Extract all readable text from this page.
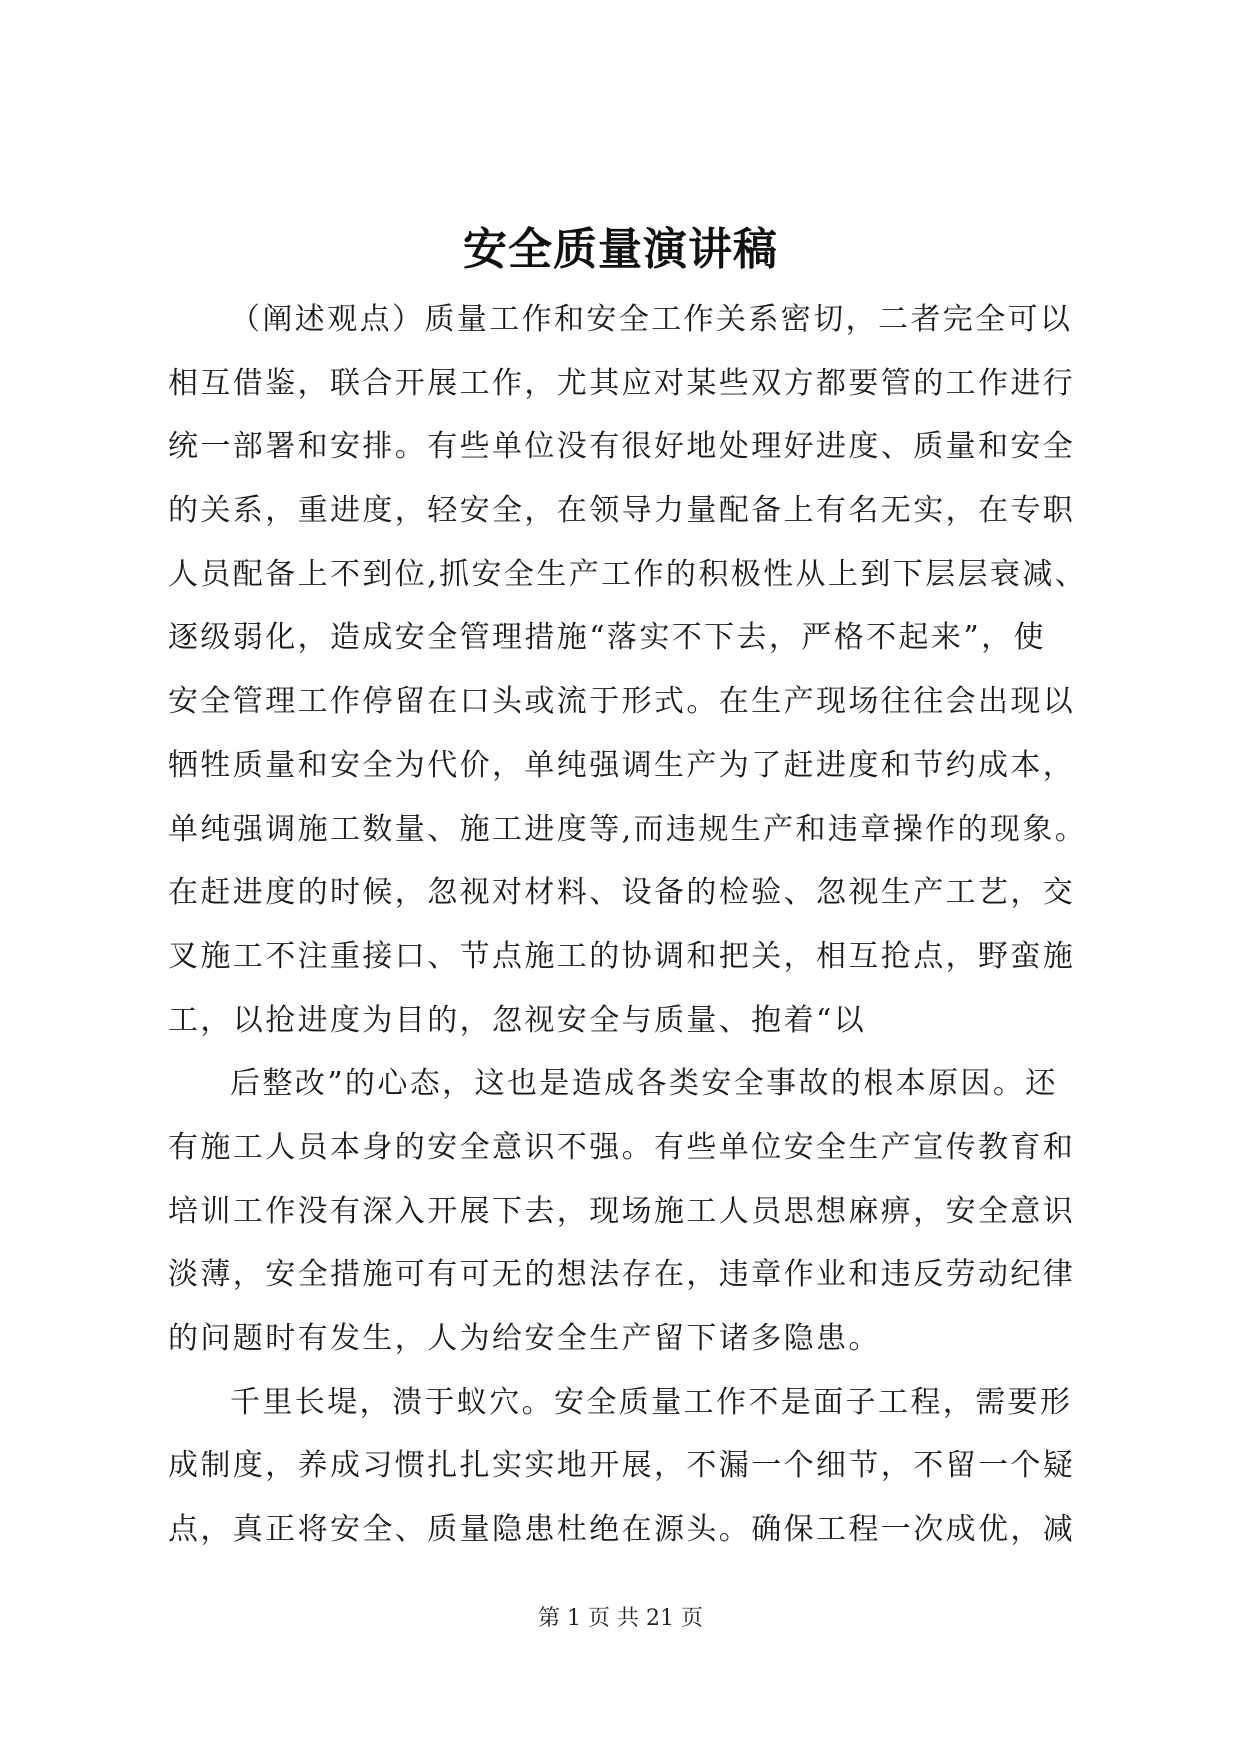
安全质量演讲稿
（阐述观点）质量工作和安全工作关系密切，二者完全可以
相互借鉴，联合开展工作，尤其应对某些双方都要管的工作进行
统一部署和安排。有些单位没有很好地处理好进度、质量和安全
的关系，重进度，轻安全，在领导力量配备上有名无实，在专职
人员配备上不到位,抓安全生产工作的积极性从上到下层层衰减、
逐级弱化，造成安全管理措施“落实不下去，严格不起来”，使
安全管理工作停留在口头或流于形式。在生产现场往往会出现以
牺牲质量和安全为代价，单纯强调生产为了赶进度和节约成本，
单纯强调施工数量、施工进度等,而违规生产和违章操作的现象。
在赶进度的时候，忽视对材料、设备的检验、忽视生产工艺，交
叉施工不注重接口、节点施工的协调和把关，相互抢点，野蛮施
工，以抢进度为目的，忽视安全与质量、抱着“以
后整改”的心态，这也是造成各类安全事故的根本原因。还
有施工人员本身的安全意识不强。有些单位安全生产宣传教育和
培训工作没有深入开展下去，现场施工人员思想麻痹，安全意识
淡薄，安全措施可有可无的想法存在，违章作业和违反劳动纪律
的问题时有发生，人为给安全生产留下诸多隐患。
千里长堤，溃于蚁穴。安全质量工作不是面子工程，需要形
成制度，养成习惯扎扎实实地开展，不漏一个细节，不留一个疑
点，真正将安全、质量隐患杜绝在源头。确保工程一次成优，减
第 1 页 共 21 页
